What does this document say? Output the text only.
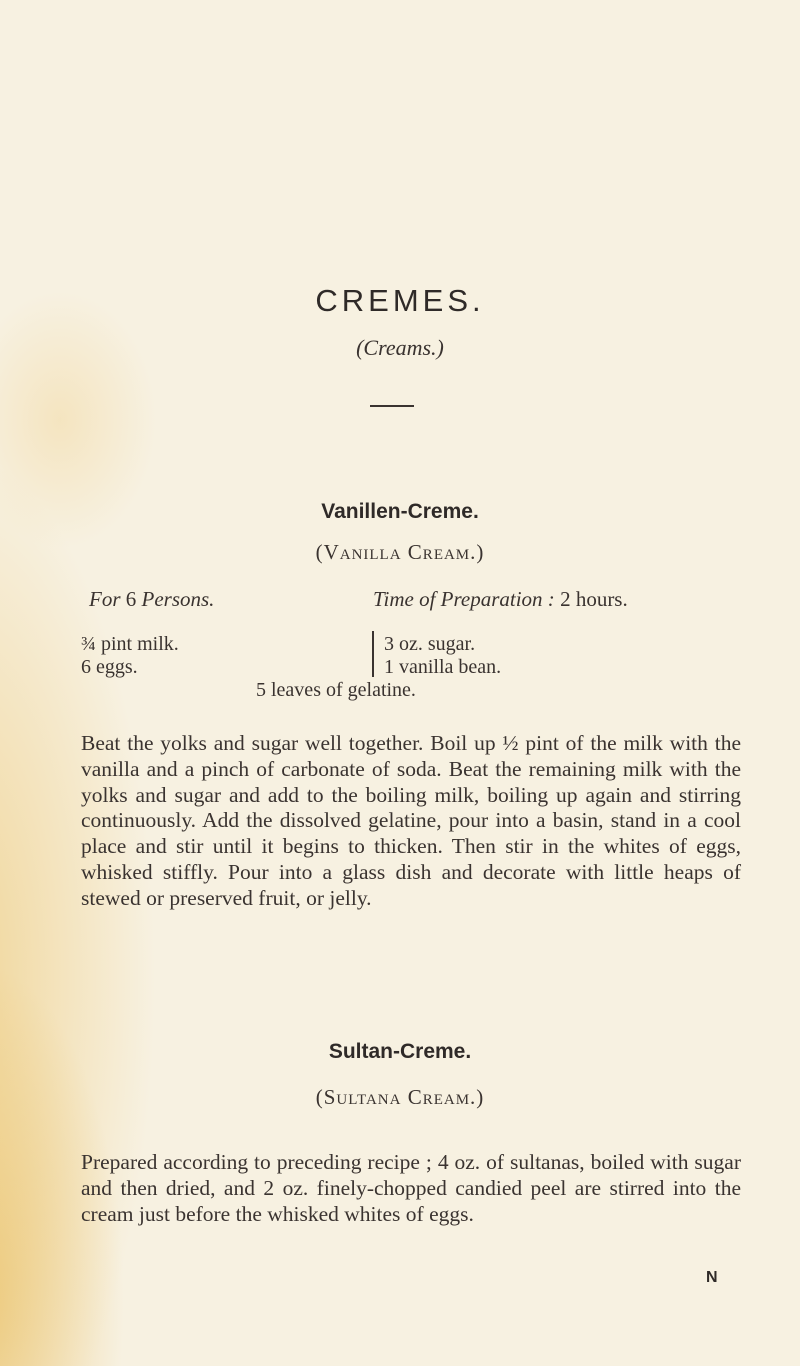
CREMES.
(Creams.)
Vanillen-Creme.
(Vanilla Cream.)
For 6 Persons.	Time of Preparation : 2 hours.
¾ pint milk.
6 eggs.
3 oz. sugar.
1 vanilla bean.
5 leaves of gelatine.
Beat the yolks and sugar well together. Boil up ½ pint of the milk with the vanilla and a pinch of carbonate of soda. Beat the remaining milk with the yolks and sugar and add to the boiling milk, boiling up again and stirring continuously. Add the dissolved gelatine, pour into a basin, stand in a cool place and stir until it begins to thicken. Then stir in the whites of eggs, whisked stiffly. Pour into a glass dish and decorate with little heaps of stewed or preserved fruit, or jelly.
Sultan-Creme.
(Sultana Cream.)
Prepared according to preceding recipe ; 4 oz. of sultanas, boiled with sugar and then dried, and 2 oz. finely-chopped candied peel are stirred into the cream just before the whisked whites of eggs.
N
